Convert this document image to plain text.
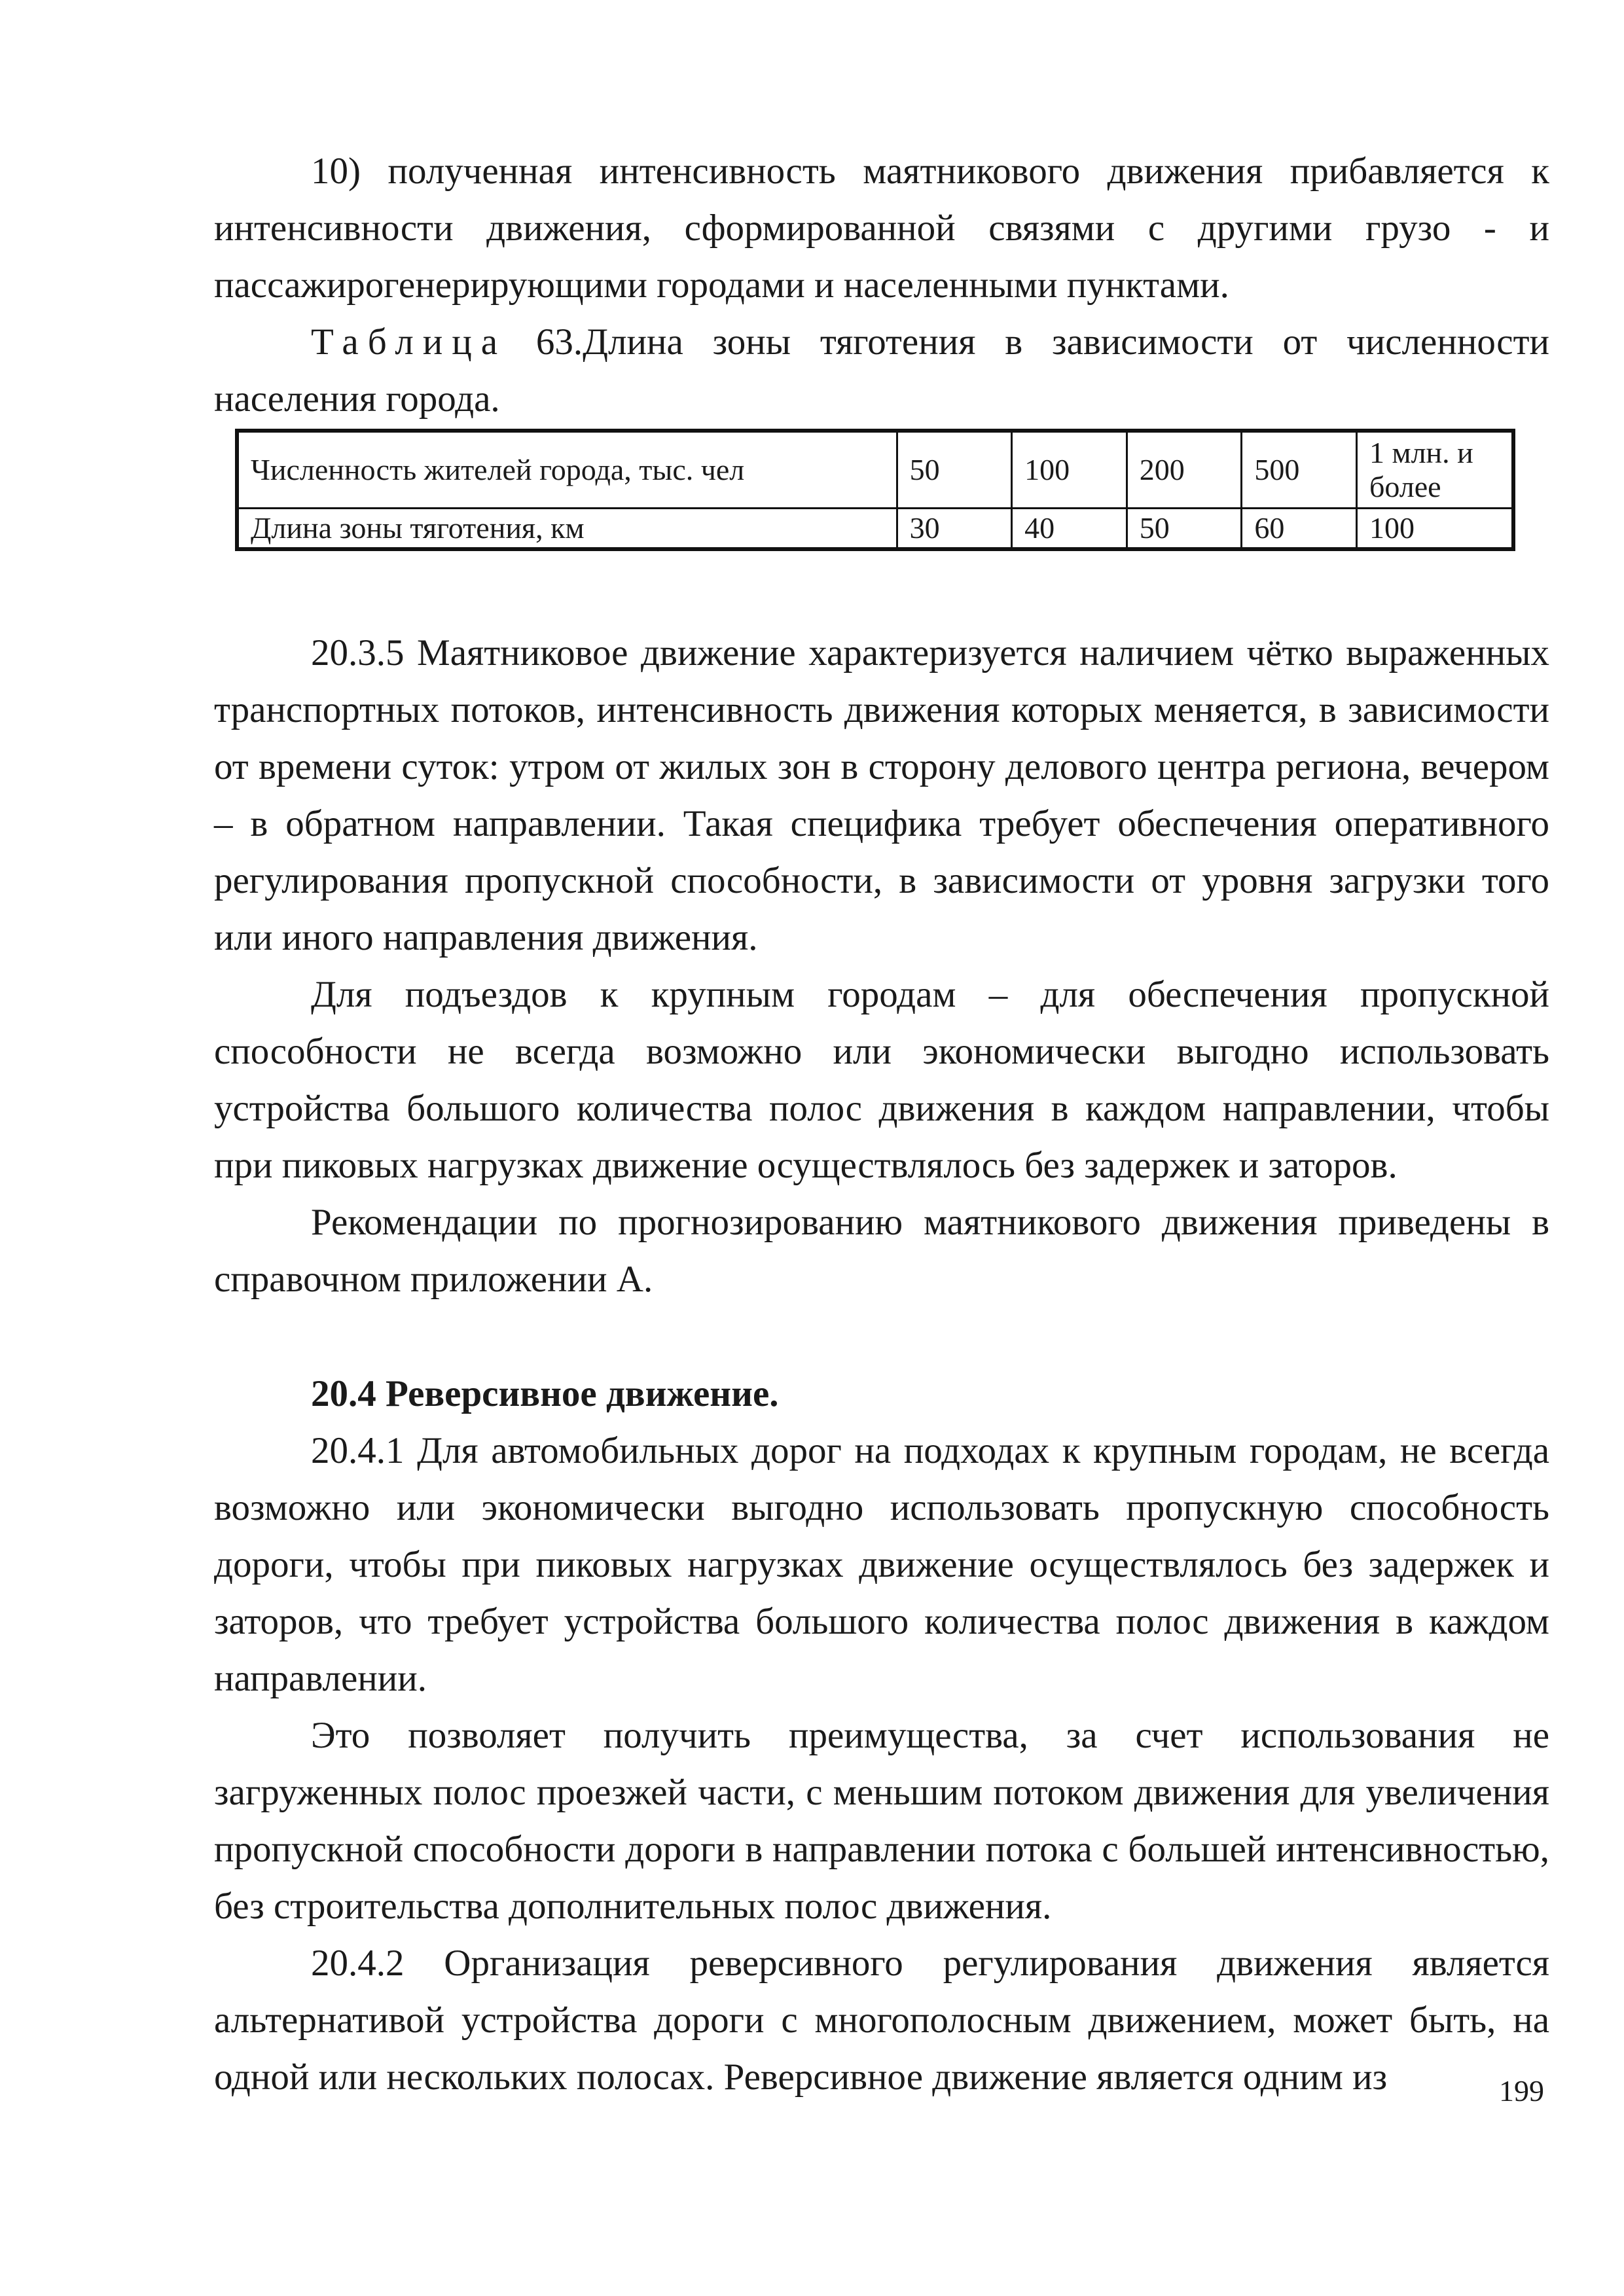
10) полученная интенсивность маятникового движения прибавляется к интенсивности движения, сформированной связями с другими грузо - и пассажирогенерирующими городами и населенными пунктами.

Таблица 63.Длина зоны тяготения в зависимости от численности населения города.

Численность жителей города, тыс. чел	50	100	200	500	1 млн. и более
Длина зоны тяготения, км	30	40	50	60	100

20.3.5 Маятниковое движение характеризуется наличием чётко выраженных транспортных потоков, интенсивность движения которых меняется, в зависимости от времени суток: утром от жилых зон в сторону делового центра региона, вечером – в обратном направлении. Такая специфика требует обеспечения оперативного регулирования пропускной способности, в зависимости от уровня загрузки того или иного направления движения.

Для подъездов к крупным городам – для обеспечения пропускной способности не всегда возможно или экономически выгодно использовать устройства большого количества полос движения в каждом направлении, чтобы при пиковых нагрузках движение осуществлялось без задержек и заторов.

Рекомендации по прогнозированию маятникового движения приведены в справочном приложении А.

20.4 Реверсивное движение.

20.4.1 Для автомобильных дорог на подходах к крупным городам, не всегда возможно или экономически выгодно использовать пропускную способность дороги, чтобы при пиковых нагрузках движение осуществлялось без задержек и заторов, что требует устройства большого количества полос движения в каждом направлении.

Это позволяет получить преимущества, за счет использования не загруженных полос проезжей части, с меньшим потоком движения для увеличения пропускной способности дороги в направлении потока с большей интенсивностью, без строительства дополнительных полос движения.

20.4.2 Организация реверсивного регулирования движения является альтернативой устройства дороги с многополосным движением, может быть, на одной или нескольких полосах. Реверсивное движение является одним из	199
